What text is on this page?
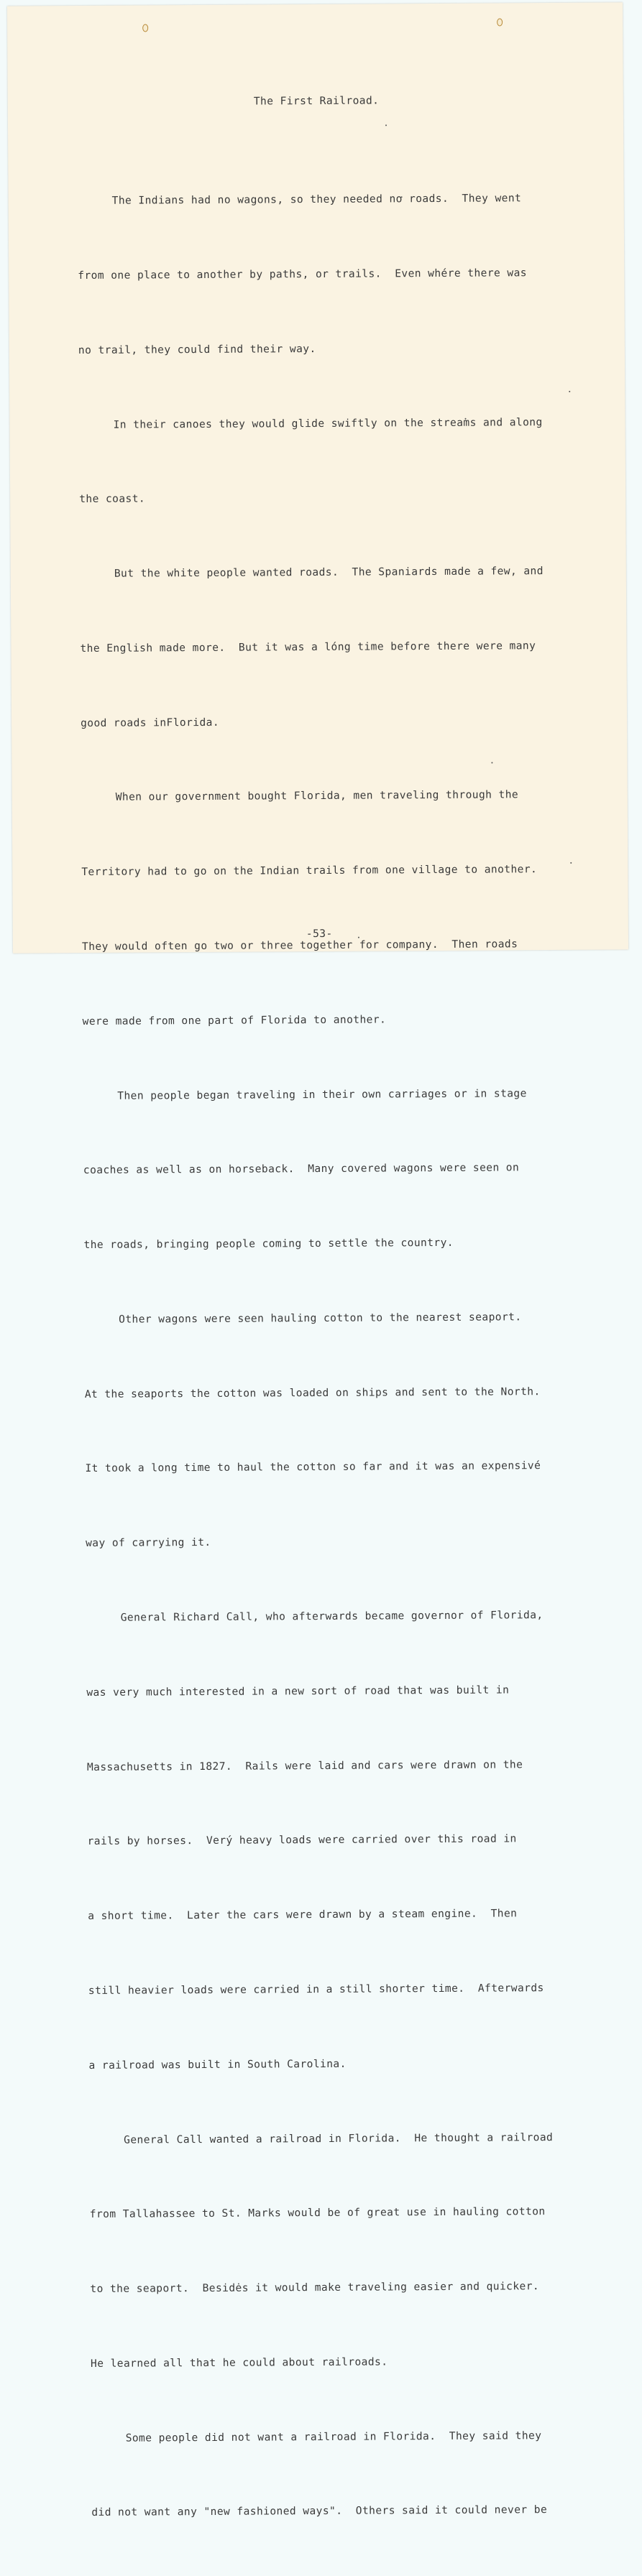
The First Railroad.

The Indians had no wagons, so they needed no roads.  They went

from one place to another by paths, or trails.  Even whére there was

no trail, they could find their way.

In their canoes they would glide swiftly on the streams and along

the coast.

But the white people wanted roads.  The Spaniards made a few, and

the English made more.  But it was a lóng time before there were many

good roads inFlorida.

When our government bought Florida, men traveling through the

Territory had to go on the Indian trails from one village to another.

They would often go two or three together for company.  Then roads

were made from one part of Florida to another.

Then people began traveling in their own carriages or in stage

coaches as well as on horseback.  Many covered wagons were seen on

the roads, bringing people coming to settle the country.

Other wagons were seen hauling cotton to the nearest seaport.

At the seaports the cotton was loaded on ships and sent to the North.

It took a long time to haul the cotton so far and it was an expensivé

way of carrying it.

General Richard Call, who afterwards became governor of Florida,

was very much interested in a new sort of road that was built in

Massachusetts in 1827.  Rails were laid and cars were drawn on the

rails by horses.  Verý heavy loads were carried over this road in

a short time.  Later the cars were drawn by a steam engine.  Then

still heavier loads were carried in a still shorter time.  Afterwards

a railroad was built in South Carolina.

General Call wanted a railroad in Florida.  He thought a railroad

from Tallahassee to St. Marks would be of great use in hauling cotton

to the seaport.  Besidės it would make traveling easier and quicker.

He learned all that he could about railroads.

Some people did not want a railroad in Florida.  They said they

did not want any "new fashioned ways".  Others said it could never be

-53-
